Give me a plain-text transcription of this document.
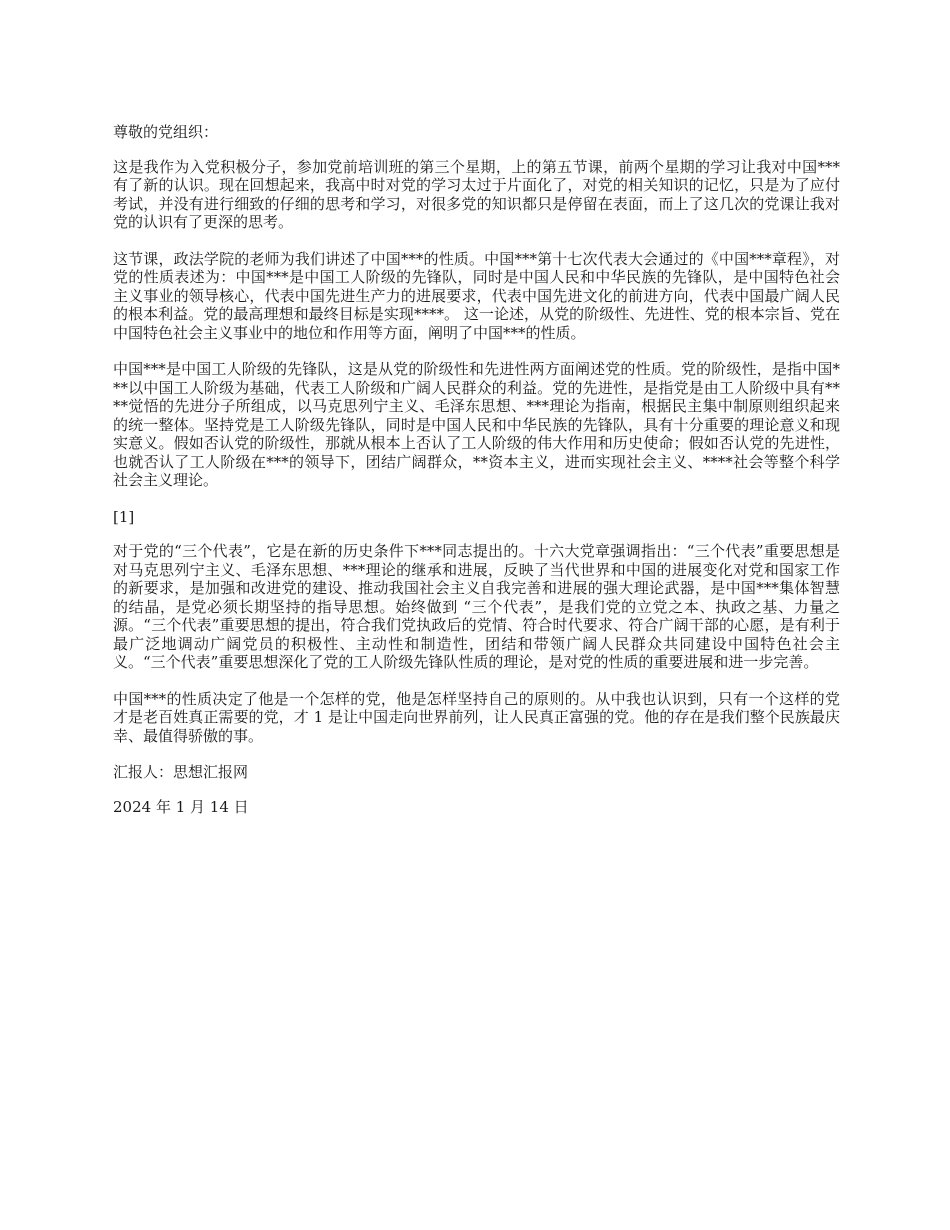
尊敬的党组织：

这是我作为入党积极分子，参加党前培训班的第三个星期，上的第五节课，前两个星期的学习让我对中国***有了新的认识。现在回想起来，我高中时对党的学习太过于片面化了，对党的相关知识的记忆，只是为了应付考试，并没有进行细致的仔细的思考和学习，对很多党的知识都只是停留在表面，而上了这几次的党课让我对党的认识有了更深的思考。

这节课，政法学院的老师为我们讲述了中国***的性质。中国***第十七次代表大会通过的《中国***章程》，对党的性质表述为：中国***是中国工人阶级的先锋队，同时是中国人民和中华民族的先锋队，是中国特色社会主义事业的领导核心，代表中国先进生产力的进展要求，代表中国先进文化的前进方向，代表中国最广阔人民的根本利益。党的最高理想和最终目标是实现****。 这一论述，从党的阶级性、先进性、党的根本宗旨、党在中国特色社会主义事业中的地位和作用等方面，阐明了中国***的性质。

中国***是中国工人阶级的先锋队，这是从党的阶级性和先进性两方面阐述党的性质。党的阶级性，是指中国***以中国工人阶级为基础，代表工人阶级和广阔人民群众的利益。党的先进性，是指党是由工人阶级中具有****觉悟的先进分子所组成，以马克思列宁主义、毛泽东思想、***理论为指南，根据民主集中制原则组织起来的统一整体。坚持党是工人阶级先锋队，同时是中国人民和中华民族的先锋队，具有十分重要的理论意义和现实意义。假如否认党的阶级性，那就从根本上否认了工人阶级的伟大作用和历史使命；假如否认党的先进性，也就否认了工人阶级在***的领导下，团结广阔群众，**资本主义，进而实现社会主义、****社会等整个科学社会主义理论。

[1]

对于党的“三个代表”，它是在新的历史条件下***同志提出的。十六大党章强调指出：“三个代表”重要思想是对马克思列宁主义、毛泽东思想、***理论的继承和进展，反映了当代世界和中国的进展变化对党和国家工作的新要求，是加强和改进党的建设、推动我国社会主义自我完善和进展的强大理论武器，是中国***集体智慧的结晶，是党必须长期坚持的指导思想。始终做到 “三个代表”，是我们党的立党之本、执政之基、力量之源。“三个代表”重要思想的提出，符合我们党执政后的党情、符合时代要求、符合广阔干部的心愿，是有利于最广泛地调动广阔党员的积极性、主动性和制造性，团结和带领广阔人民群众共同建设中国特色社会主义。“三个代表”重要思想深化了党的工人阶级先锋队性质的理论，是对党的性质的重要进展和进一步完善。

中国***的性质决定了他是一个怎样的党，他是怎样坚持自己的原则的。从中我也认识到，只有一个这样的党才是老百姓真正需要的党，才 1 是让中国走向世界前列，让人民真正富强的党。他的存在是我们整个民族最庆幸、最值得骄傲的事。

汇报人：思想汇报网

2024 年 1 月 14 日
